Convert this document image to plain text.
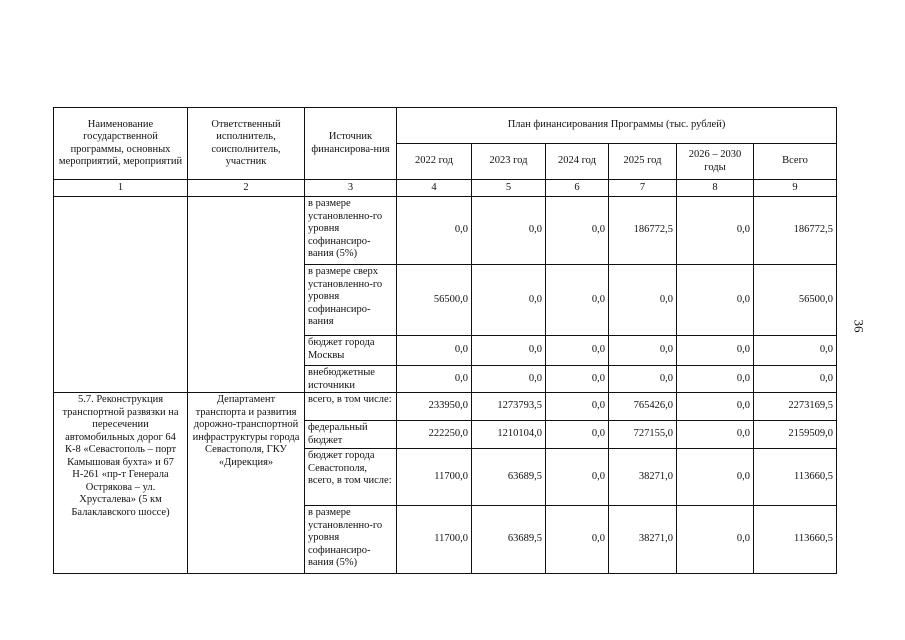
Наименование государственной программы, основных мероприятий, мероприятий	Ответственный исполнитель, соисполнитель, участник	Источник финансирова-ния	План финансирования Программы (тыс. рублей)					
			2022 год	2023 год	2024 год	2025 год	2026 – 2030 годы	Всего
1	2	3	4	5	6	7	8	9
		в размере установленно-го уровня софинансиро-вания (5%)	0,0	0,0	0,0	186772,5	0,0	186772,5
		в размере сверх установленно-го уровня софинансиро-вания	56500,0	0,0	0,0	0,0	0,0	56500,0
		бюджет города Москвы	0,0	0,0	0,0	0,0	0,0	0,0
		внебюджетные источники	0,0	0,0	0,0	0,0	0,0	0,0
5.7. Реконструкция транспортной развязки на пересечении автомобильных дорог 64 К-8 «Севастополь – порт Камышовая бухта» и 67 Н-261 «пр-т Генерала Острякова – ул. Хрусталева» (5 км Балаклавского шоссе)	Департамент транспорта и развития дорожно-транспортной инфраструктуры города Севастополя, ГКУ «Дирекция»	всего, в том числе:	233950,0	1273793,5	0,0	765426,0	0,0	2273169,5
		федеральный бюджет	222250,0	1210104,0	0,0	727155,0	0,0	2159509,0
		бюджет города Севастополя, всего, в том числе:	11700,0	63689,5	0,0	38271,0	0,0	113660,5
		в размере установленно-го уровня софинансиро-вания (5%)	11700,0	63689,5	0,0	38271,0	0,0	113660,5
36
